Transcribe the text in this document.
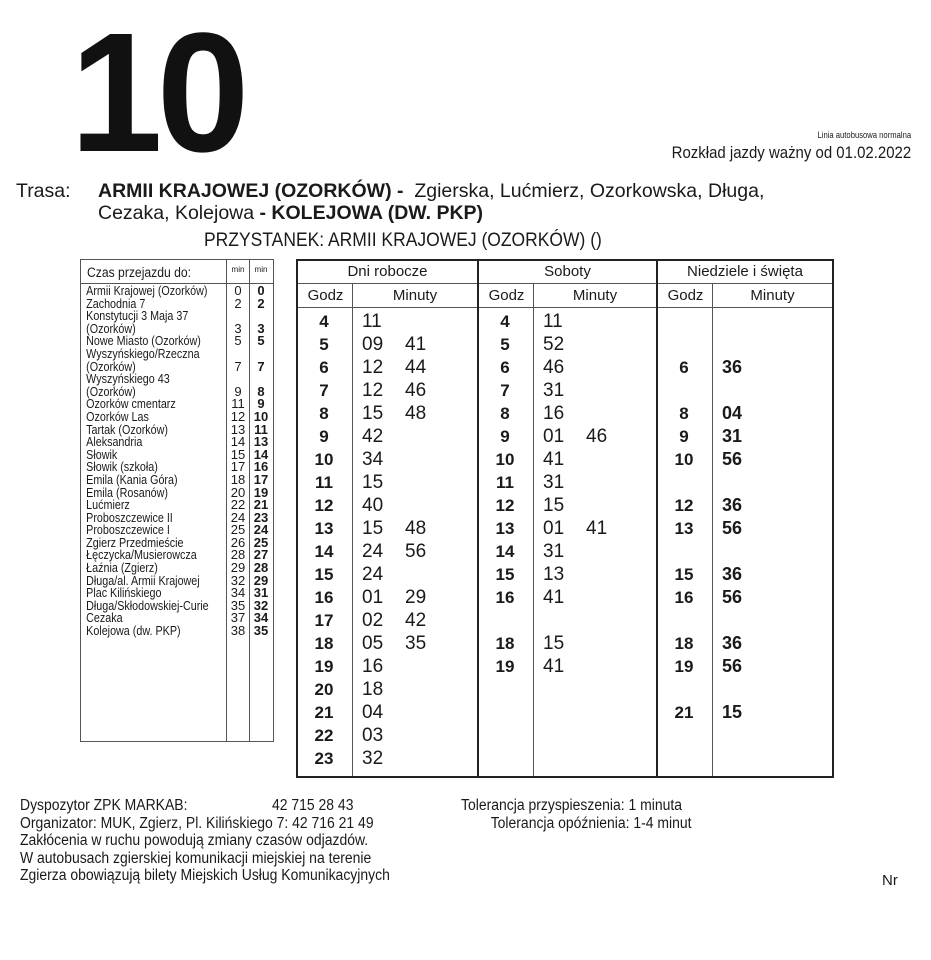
10	Linia autobusowa normalna
Rozkład jazdy ważny od 01.02.2022
Trasa: ARMII KRAJOWEJ (OZORKÓW) - Zgierska, Lućmierz, Ozorkowska, Długa,
Cezaka, Kolejowa - KOLEJOWA (DW. PKP)
PRZYSTANEK: ARMII KRAJOWEJ (OZORKÓW) ()
Czas przejazdu do:	min	min
Armii Krajowej (Ozorków)	0	0
Zachodnia 7	2	2
Konstytucji 3 Maja 37
(Ozorków)	3	3
Nowe Miasto (Ozorków)	5	5
Wyszyńskiego/Rzeczna
(Ozorków)	7	7
Wyszyńskiego 43
(Ozorków)	9	8
Ozorków cmentarz	11 9
Ozorków Las	12 10
Tartak (Ozorków)	13 11
Aleksandria	14 13
Słowik	15 14
Słowik (szkoła)	17 16
Emila (Kania Góra)	18 17
Emila (Rosanów)	20 19
Lućmierz	22 21
Proboszczewice II	24 23
Proboszczewice I	25 24
Zgierz Przedmieście	26 25
Łęczycka/Musierowcza	28 27
Łaźnia (Zgierz)	29 28
Długa/al. Armii Krajowej	32 29
Plac Kilińskiego	34 31
Długa/Skłodowskiej-Curie 35 32
Cezaka	37 34
Kolejowa (dw. PKP)	38 35
Dni robocze
Godz	Minuty
4	11
5	09 41
6	12 44
7	12 46
8	15 48
9	42
10	34
11	15
12	40
13	15 48
14	24 56
15	24
16	01 29
17	02 42
18	05 35
19	16
20	18
21	04
22	03
23	32
Soboty
Godz	Minuty
4	11
5	52
6	46
7	31
8	16
9	01 46
10	41
11	31
12	15
13	01 41
14	31
15	13
16	41
18	15
19	41
Niedziele i święta
Godz	Minuty
6	36
8	04
9	31
10	56
12	36
13	56
15	36
16	56
18	36
19	56
21	15
Dyspozytor ZPK MARKAB:	42 715 28 43	Tolerancja przyspieszenia: 1 minuta
Organizator: MUK, Zgierz, Pl. Kilińskiego 7: 42 716 21 49	Tolerancja opóźnienia: 1-4 minut
Zakłócenia w ruchu powodują zmiany czasów odjazdów.
W autobusach zgierskiej komunikacji miejskiej na terenie
Zgierza obowiązują bilety Miejskich Usług Komunikacyjnych	Nr
